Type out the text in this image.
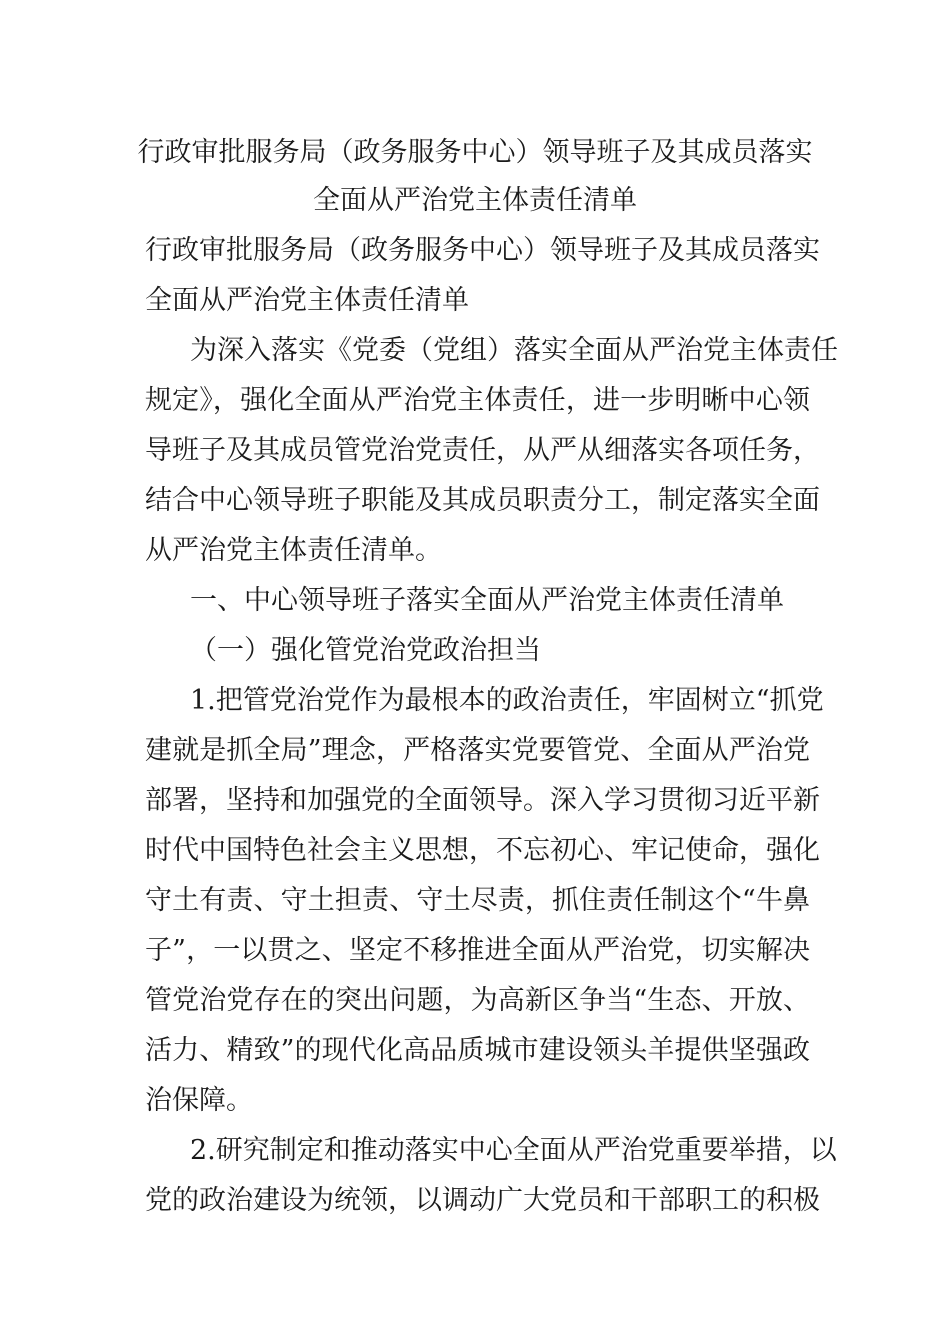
行政审批服务局（政务服务中心）领导班子及其成员落实
全面从严治党主体责任清单
行政审批服务局（政务服务中心）领导班子及其成员落实
全面从严治党主体责任清单
为深入落实《党委（党组）落实全面从严治党主体责任
规定》，强化全面从严治党主体责任，进一步明晰中心领
导班子及其成员管党治党责任，从严从细落实各项任务，
结合中心领导班子职能及其成员职责分工，制定落实全面
从严治党主体责任清单。
一、中心领导班子落实全面从严治党主体责任清单
（一）强化管党治党政治担当
1.把管党治党作为最根本的政治责任，牢固树立“抓党
建就是抓全局”理念，严格落实党要管党、全面从严治党
部署，坚持和加强党的全面领导。深入学习贯彻习近平新
时代中国特色社会主义思想，不忘初心、牢记使命，强化
守土有责、守土担责、守土尽责，抓住责任制这个“牛鼻
子”，一以贯之、坚定不移推进全面从严治党，切实解决
管党治党存在的突出问题，为高新区争当“生态、开放、
活力、精致”的现代化高品质城市建设领头羊提供坚强政
治保障。
2.研究制定和推动落实中心全面从严治党重要举措，以
党的政治建设为统领，以调动广大党员和干部职工的积极
